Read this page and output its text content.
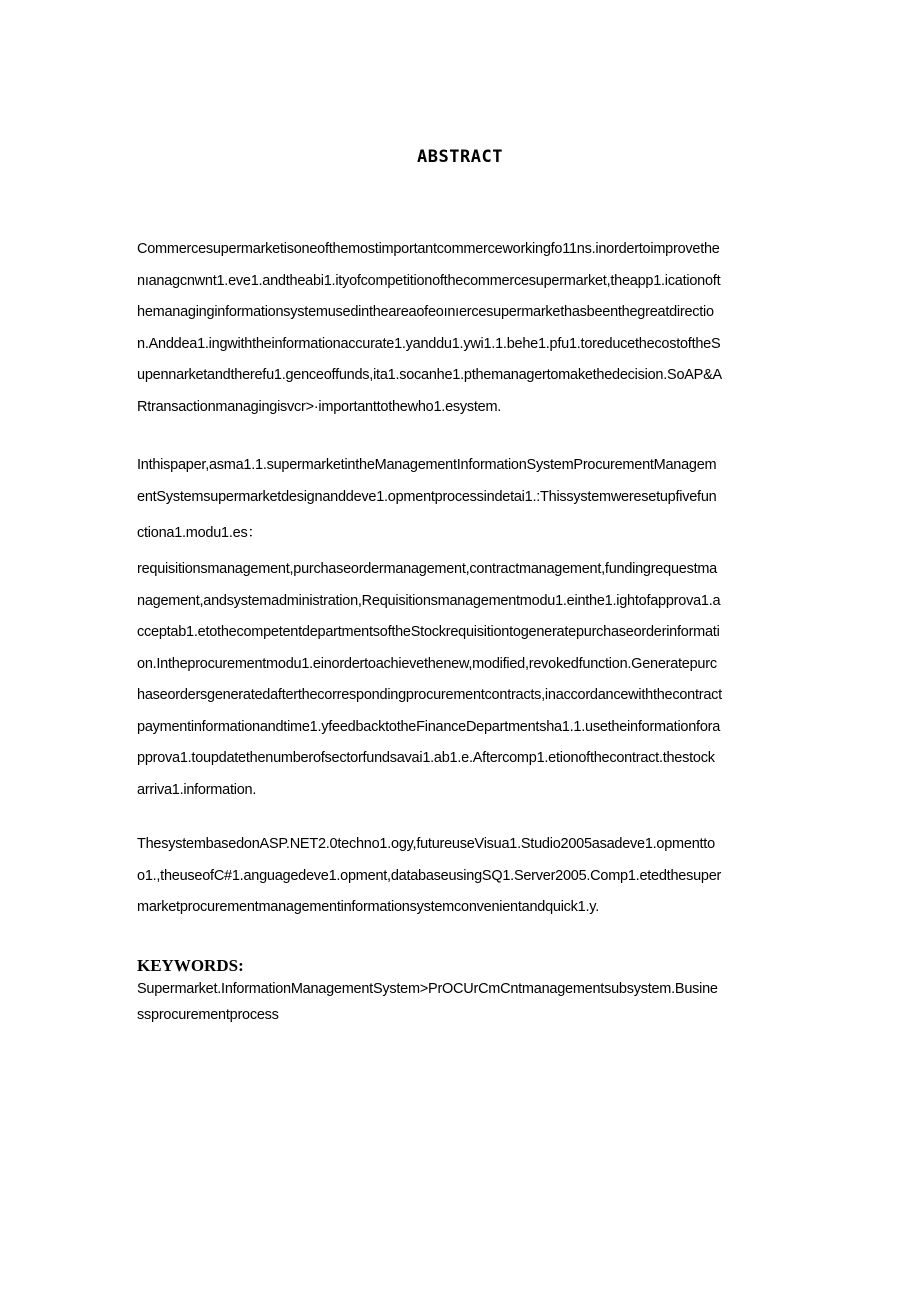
ABSTRACT
Commercesupermarketisoneofthemostimportantcommerceworkingfo11ns.inordertoimprovethe
nıanagcnwnt1.eve1.andtheabi1.ityofcompetitionofthecommercesupermarket,theapp1.icationoft
hemanaginginformationsystemusedintheareaofeoınıercesupermarkethasbeenthegreatdirectio
n.Anddea1.ingwiththeinformationaccurate1.yanddu1.ywi1.1.behe1.pfu1.toreducethecostoftheS
upennarketandtherefu1.genceoffunds,ita1.socanhe1.pthemanagertomakethedecision.SoAP&A
Rtransactionmanagingisvcr>·importanttothewho1.esystem.
Inthispaper,asma1.1.supermarketintheManagementInformationSystemProcurementManagem
entSystemsupermarketdesignanddeve1.opmentprocessindetai1.:Thissystemweresetupfivefun
ctiona1.modu1.es：
requisitionsmanagement,purchaseordermanagement,contractmanagement,fundingrequestma
nagement,andsystemadministration,Requisitionsmanagementmodu1.einthe1.ightofapprova1.a
cceptab1.etothecompetentdepartmentsoftheStockrequisitiontogeneratepurchaseorderinformati
on.Intheprocurementmodu1.einordertoachievethenew,modified,revokedfunction.Generatepurc
haseordersgeneratedafterthecorrespondingprocurementcontracts,inaccordancewiththecontract
paymentinformationandtime1.yfeedbacktotheFinanceDepartmentsha1.1.usetheinformationfora
pprova1.toupdatethenumberofsectorfundsavai1.ab1.e.Aftercomp1.etionofthecontract.thestock
arriva1.information.
ThesystembasedonASP.NET2.0techno1.ogy,futureuseVisua1.Studio2005asadeve1.opmentto
o1.,theuseofC#1.anguagedeve1.opment,databaseusingSQ1.Server2005.Comp1.etedthesuper
marketprocurementmanagementinformationsystemconvenientandquick1.y.
KEYWORDS:
Supermarket.InformationManagementSystem>PrOCUrCmCntmanagementsubsystem.Busine
ssprocurementprocess
